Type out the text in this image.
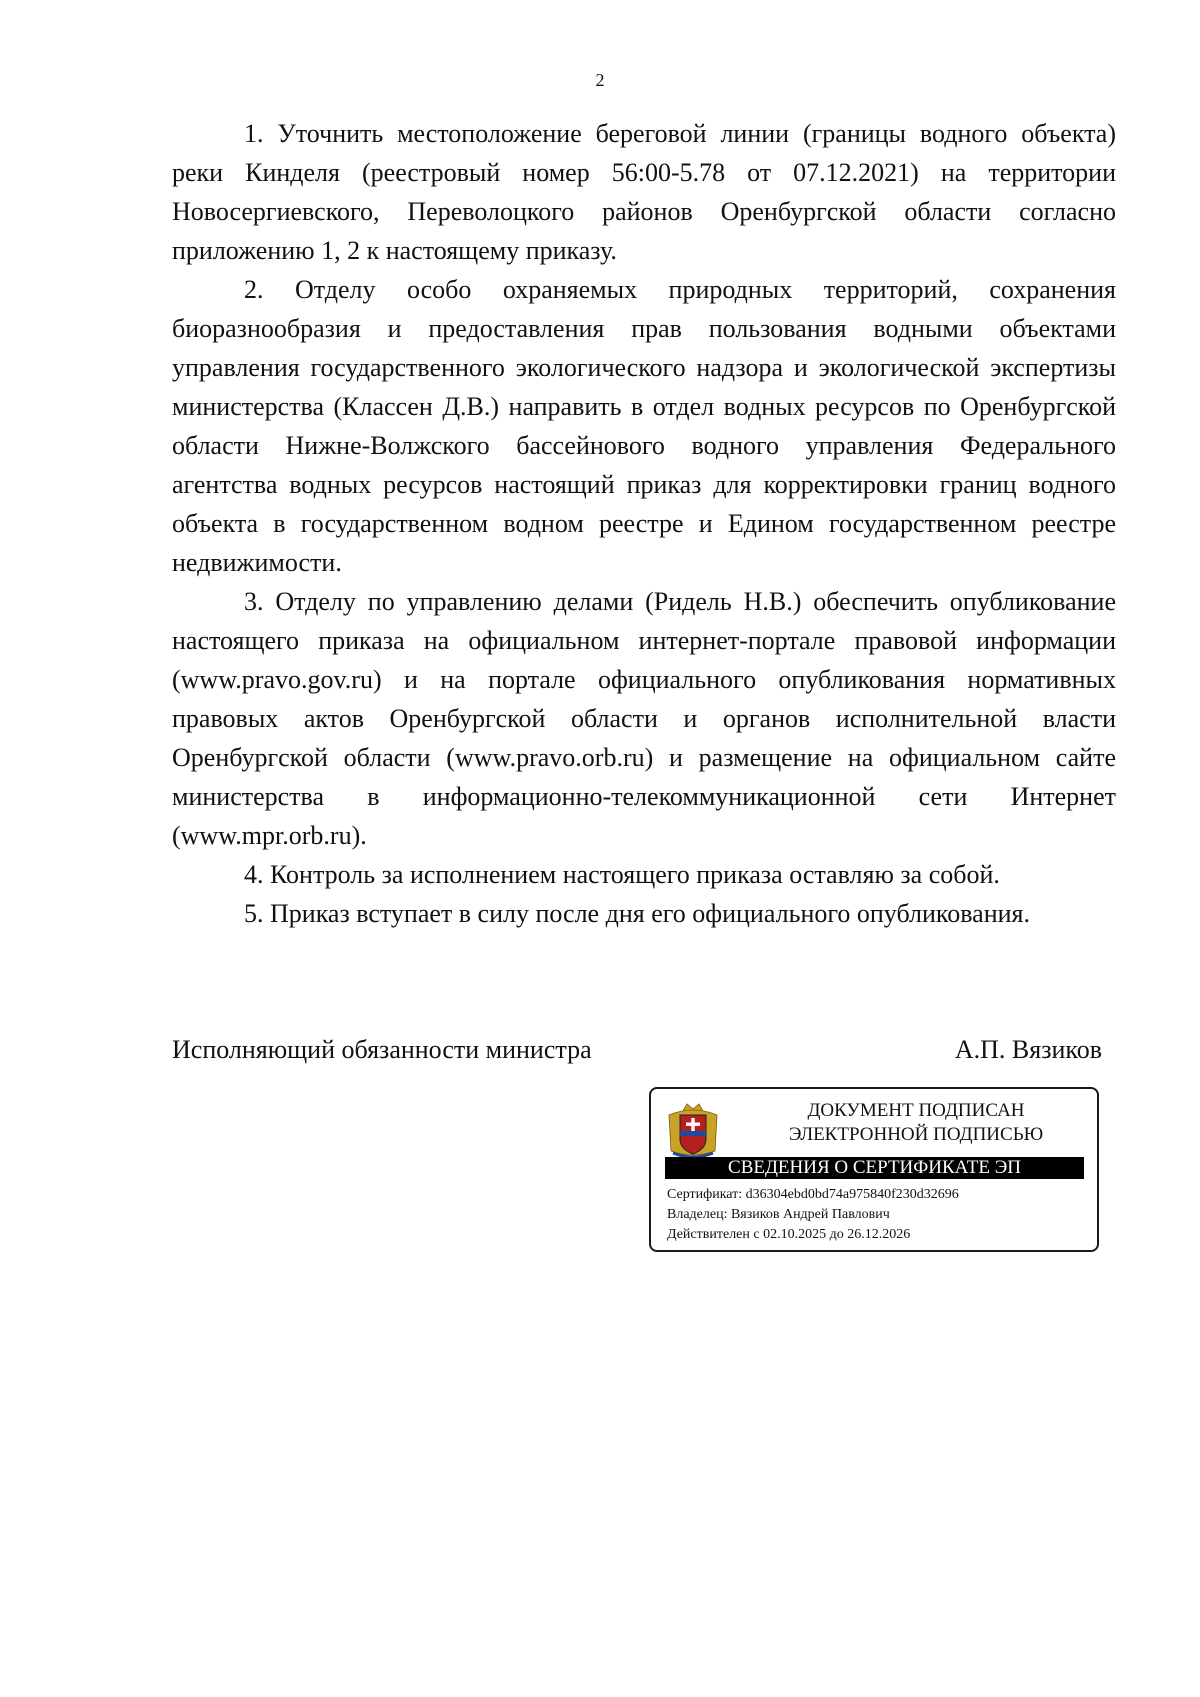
2

1. Уточнить местоположение береговой линии (границы водного объекта) реки Кинделя (реестровый номер 56:00-5.78 от 07.12.2021) на территории Новосергиевского, Переволоцкого районов Оренбургской области согласно приложению 1, 2 к настоящему приказу.

2. Отделу особо охраняемых природных территорий, сохранения биоразнообразия и предоставления прав пользования водными объектами управления государственного экологического надзора и экологической экспертизы министерства (Классен Д.В.) направить в отдел водных ресурсов по Оренбургской области Нижне-Волжского бассейнового водного управления Федерального агентства водных ресурсов настоящий приказ для корректировки границ водного объекта в государственном водном реестре и Едином государственном реестре недвижимости.

3. Отделу по управлению делами (Ридель Н.В.) обеспечить опубликование настоящего приказа на официальном интернет-портале правовой информации (www.pravo.gov.ru) и на портале официального опубликования нормативных правовых актов Оренбургской области и органов исполнительной власти Оренбургской области (www.pravo.orb.ru) и размещение на официальном сайте министерства в информационно-телекоммуникационной сети Интернет (www.mpr.orb.ru).

4. Контроль за исполнением настоящего приказа оставляю за собой.

5. Приказ вступает в силу после дня его официального опубликования.

Исполняющий обязанности министра	А.П. Вязиков
ДОКУМЕНТ ПОДПИСАН
ЭЛЕКТРОННОЙ ПОДПИСЬЮ
СВЕДЕНИЯ О СЕРТИФИКАТЕ ЭП
Сертификат: d36304ebd0bd74a975840f230d32696
Владелец: Вязиков Андрей Павлович
Действителен с 02.10.2025 до 26.12.2026
